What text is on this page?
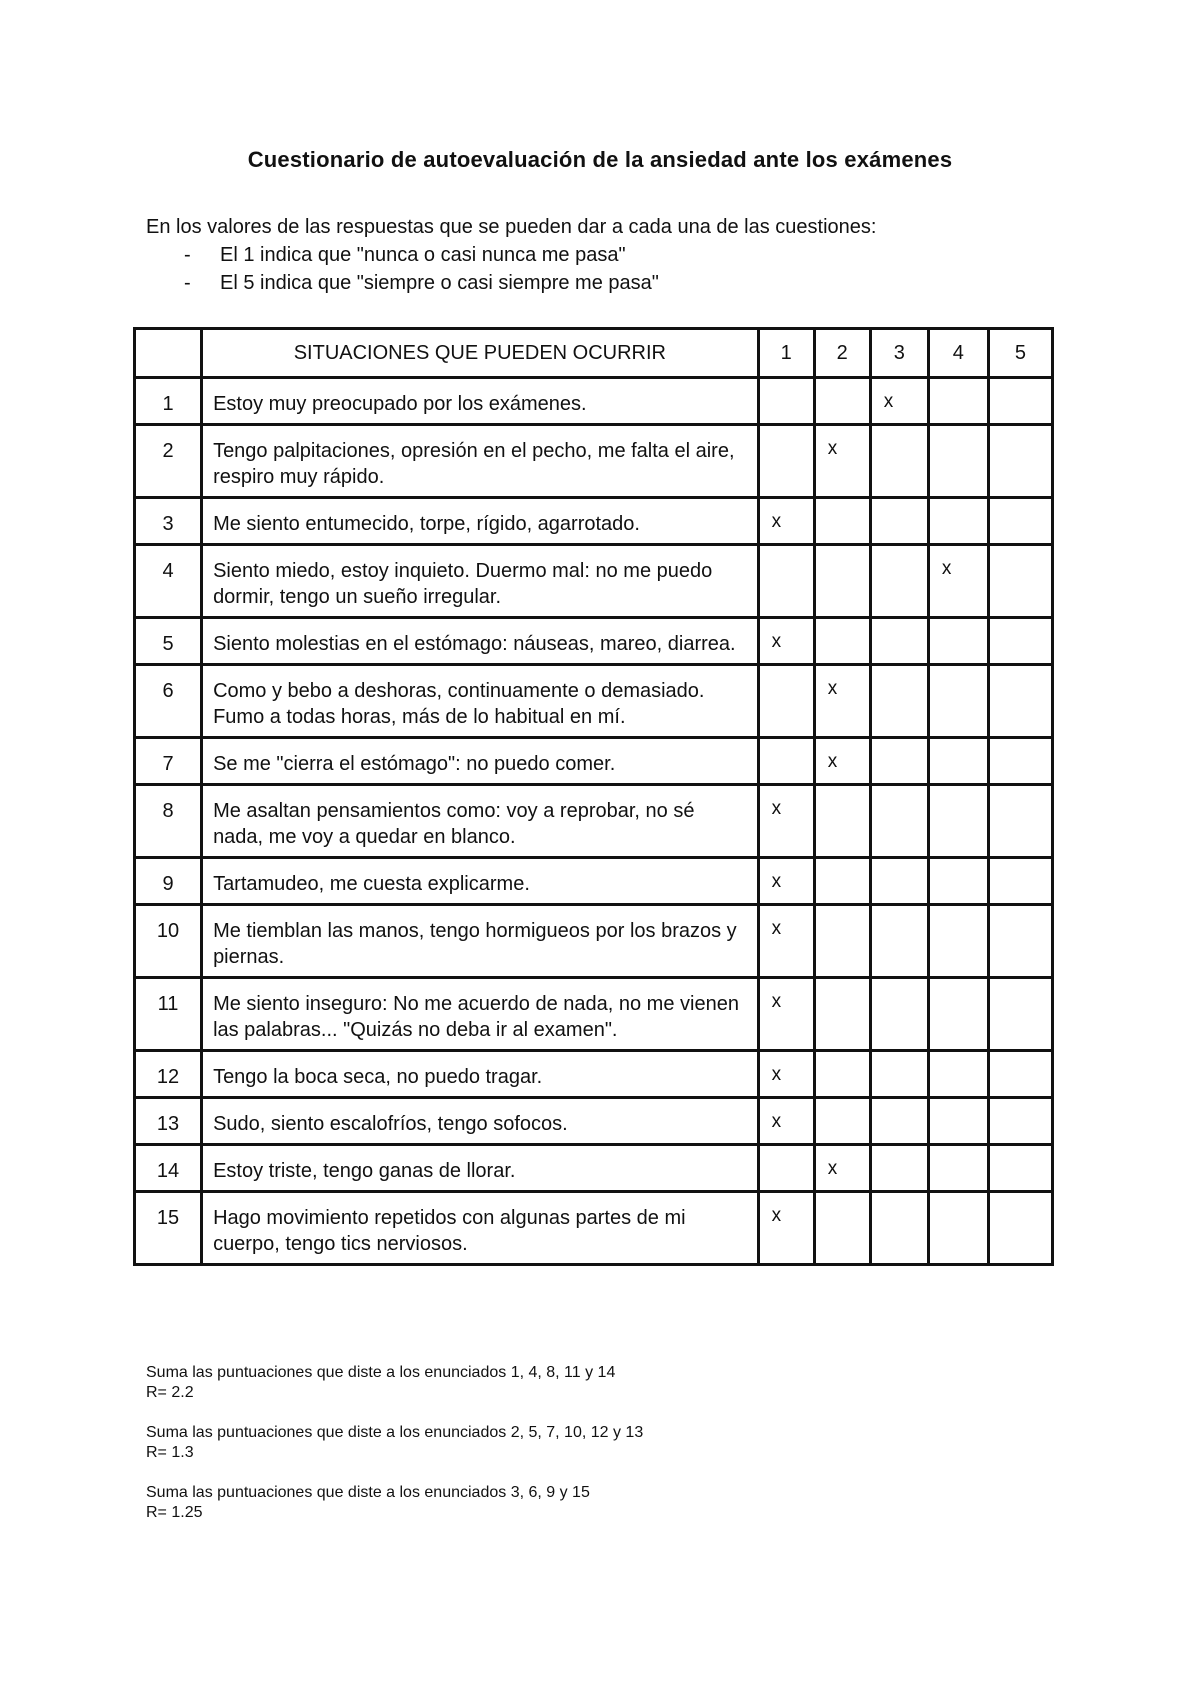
Cuestionario de autoevaluación de la ansiedad ante los exámenes
En los valores de las respuestas que se pueden dar a cada una de las cuestiones:
- El 1 indica que "nunca o casi nunca me pasa"
- El 5 indica que "siempre o casi siempre me pasa"
	SITUACIONES QUE PUEDEN OCURRIR	1	2	3	4	5
1	Estoy muy preocupado por los exámenes.			x		
2	Tengo palpitaciones, opresión en el pecho, me falta el aire, respiro muy rápido.		x			
3	Me siento entumecido, torpe, rígido, agarrotado.	x				
4	Siento miedo, estoy inquieto. Duermo mal: no me puedo dormir, tengo un sueño irregular.				x	
5	Siento molestias en el estómago: náuseas, mareo, diarrea.	x				
6	Como y bebo a deshoras, continuamente o demasiado. Fumo a todas horas, más de lo habitual en mí.		x			
7	Se me "cierra el estómago": no puedo comer.		x			
8	Me asaltan pensamientos como: voy a reprobar, no sé nada, me voy a quedar en blanco.	x				
9	Tartamudeo, me cuesta explicarme.	x				
10	Me tiemblan las manos, tengo hormigueos por los brazos y piernas.	x				
11	Me siento inseguro: No me acuerdo de nada, no me vienen las palabras... "Quizás no deba ir al examen".	x				
12	Tengo la boca seca, no puedo tragar.	x				
13	Sudo, siento escalofríos, tengo sofocos.	x				
14	Estoy triste, tengo ganas de llorar.		x			
15	Hago movimiento repetidos con algunas partes de mi cuerpo, tengo tics nerviosos.	x				
Suma las puntuaciones que diste a los enunciados 1, 4, 8, 11 y 14
R= 2.2
Suma las puntuaciones que diste a los enunciados 2, 5, 7, 10, 12 y 13
R= 1.3
Suma las puntuaciones que diste a los enunciados 3, 6, 9 y 15
R= 1.25
